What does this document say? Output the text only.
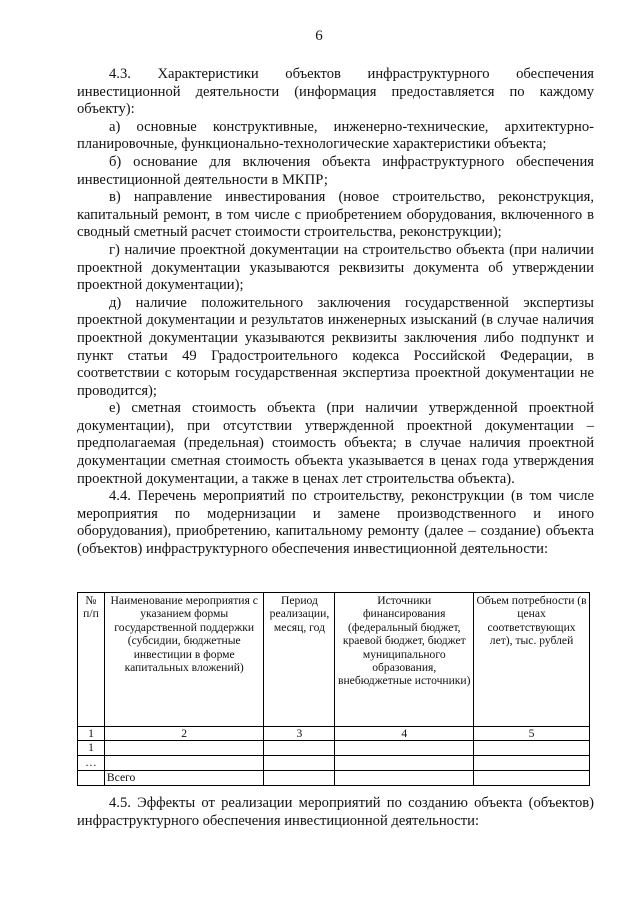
6

4.3. Характеристики объектов инфраструктурного обеспечения инвестиционной деятельности (информация предоставляется по каждому объекту):

а) основные конструктивные, инженерно-технические, архитектурно-планировочные, функционально-технологические характеристики объекта;

б) основание для включения объекта инфраструктурного обеспечения инвестиционной деятельности в МКПР;

в) направление инвестирования (новое строительство, реконструкция, капитальный ремонт, в том числе с приобретением оборудования, включенного в сводный сметный расчет стоимости строительства, реконструкции);

г) наличие проектной документации на строительство объекта (при наличии проектной документации указываются реквизиты документа об утверждении проектной документации);

д) наличие положительного заключения государственной экспертизы проектной документации и результатов инженерных изысканий (в случае наличия проектной документации указываются реквизиты заключения либо подпункт и пункт статьи 49 Градостроительного кодекса Российской Федерации, в соответствии с которым государственная экспертиза проектной документации не проводится);

е) сметная стоимость объекта (при наличии утвержденной проектной документации), при отсутствии утвержденной проектной документации – предполагаемая (предельная) стоимость объекта; в случае наличия проектной документации сметная стоимость объекта указывается в ценах года утверждения проектной документации, а также в ценах лет строительства объекта).

4.4. Перечень мероприятий по строительству, реконструкции (в том числе мероприятия по модернизации и замене производственного и иного оборудования), приобретению, капитальному ремонту (далее – создание) объекта (объектов) инфраструктурного обеспечения инвестиционной деятельности:

№ п/п	Наименование мероприятия с указанием формы государственной поддержки (субсидии, бюджетные инвестиции в форме капитальных вложений)	Период реализации, месяц, год	Источники финансирования (федеральный бюджет, краевой бюджет, бюджет муниципального образования, внебюджетные источники)	Объем потребности (в ценах соответствующих лет), тыс. рублей
1	2	3	4	5
1				
…				
	Всего			

4.5. Эффекты от реализации мероприятий по созданию объекта (объектов) инфраструктурного обеспечения инвестиционной деятельности:
